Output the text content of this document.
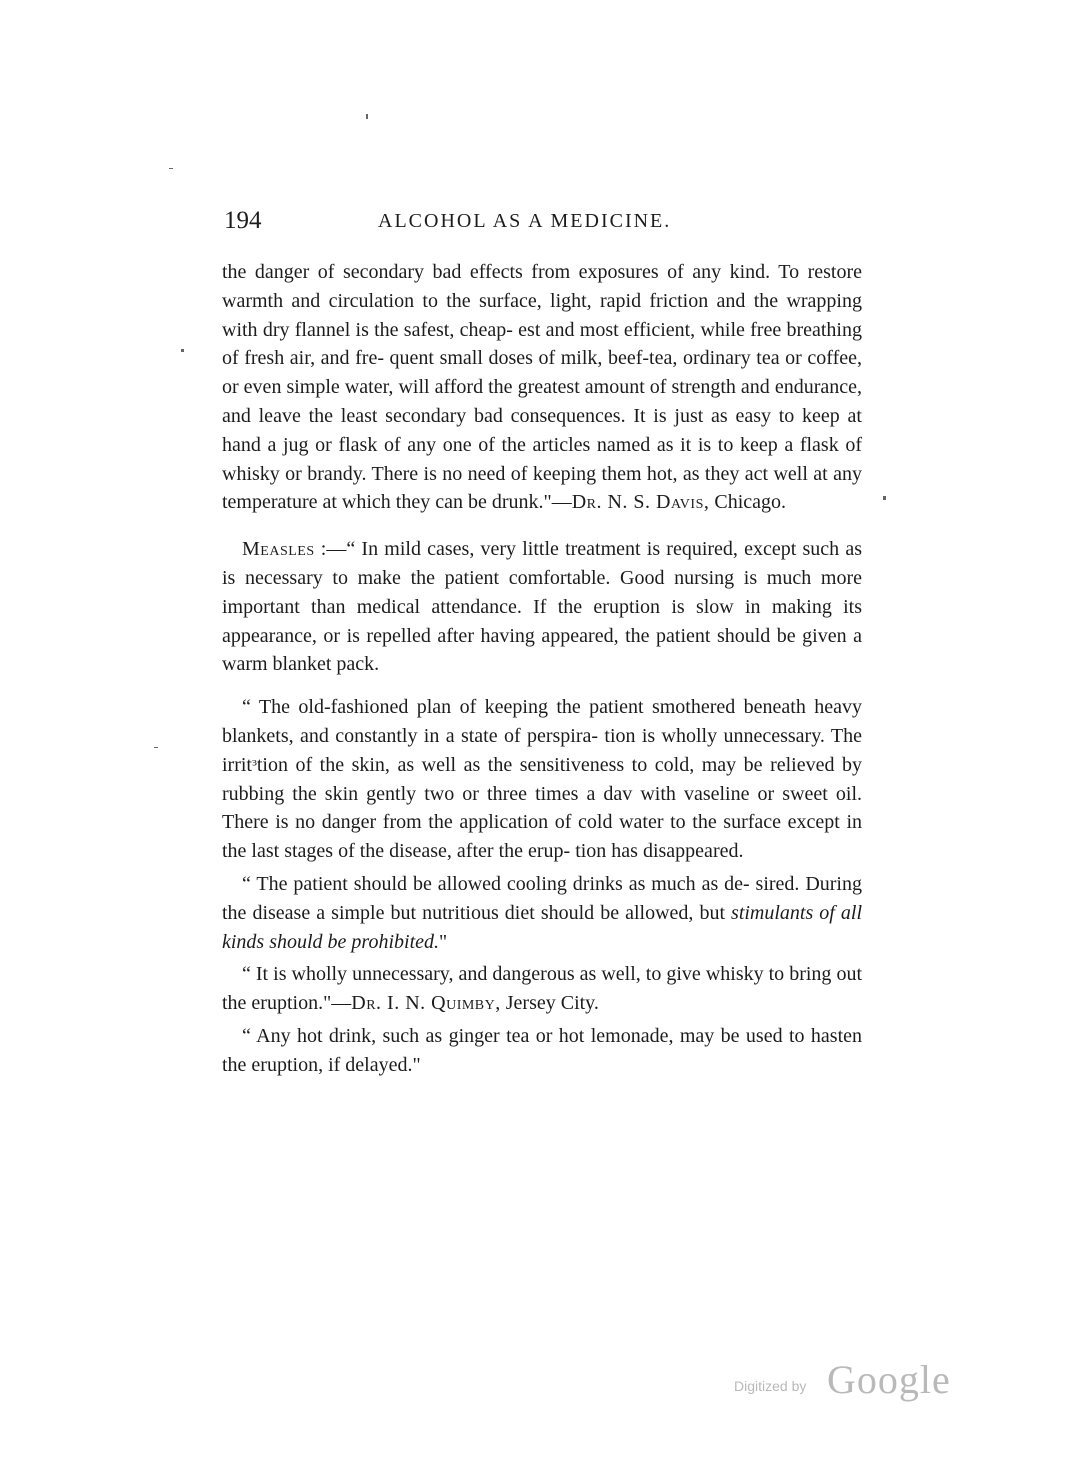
194	ALCOHOL AS A MEDICINE.

the danger of secondary bad effects from exposures of any kind. To restore warmth and circulation to the surface, light, rapid friction and the wrapping with dry flannel is the safest, cheap- est and most efficient, while free breathing of fresh air, and fre- quent small doses of milk, beef-tea, ordinary tea or coffee, or even simple water, will afford the greatest amount of strength and endurance, and leave the least secondary bad consequences. It is just as easy to keep at hand a jug or flask of any one of the articles named as it is to keep a flask of whisky or brandy. There is no need of keeping them hot, as they act well at any temperature at which they can be drunk."—Dr. N. S. Davis, Chicago.

Measles :—“ In mild cases, very little treatment is required, except such as is necessary to make the patient comfortable. Good nursing is much more important than medical attendance. If the eruption is slow in making its appearance, or is repelled after having appeared, the patient should be given a warm blanket pack.

“ The old-fashioned plan of keeping the patient smothered beneath heavy blankets, and constantly in a state of perspira- tion is wholly unnecessary. The irritᵌtion of the skin, as well as the sensitiveness to cold, may be relieved by rubbing the skin gently two or three times a dav with vaseline or sweet oil. There is no danger from the application of cold water to the surface except in the last stages of the disease, after the erup- tion has disappeared.

“ The patient should be allowed cooling drinks as much as de- sired. During the disease a simple but nutritious diet should be allowed, but stimulants of all kinds should be prohibited."

“ It is wholly unnecessary, and dangerous as well, to give whisky to bring out the eruption."—Dr. I. N. Quimby, Jersey City.

“ Any hot drink, such as ginger tea or hot lemonade, may be used to hasten the eruption, if delayed."

Digitized by Google
